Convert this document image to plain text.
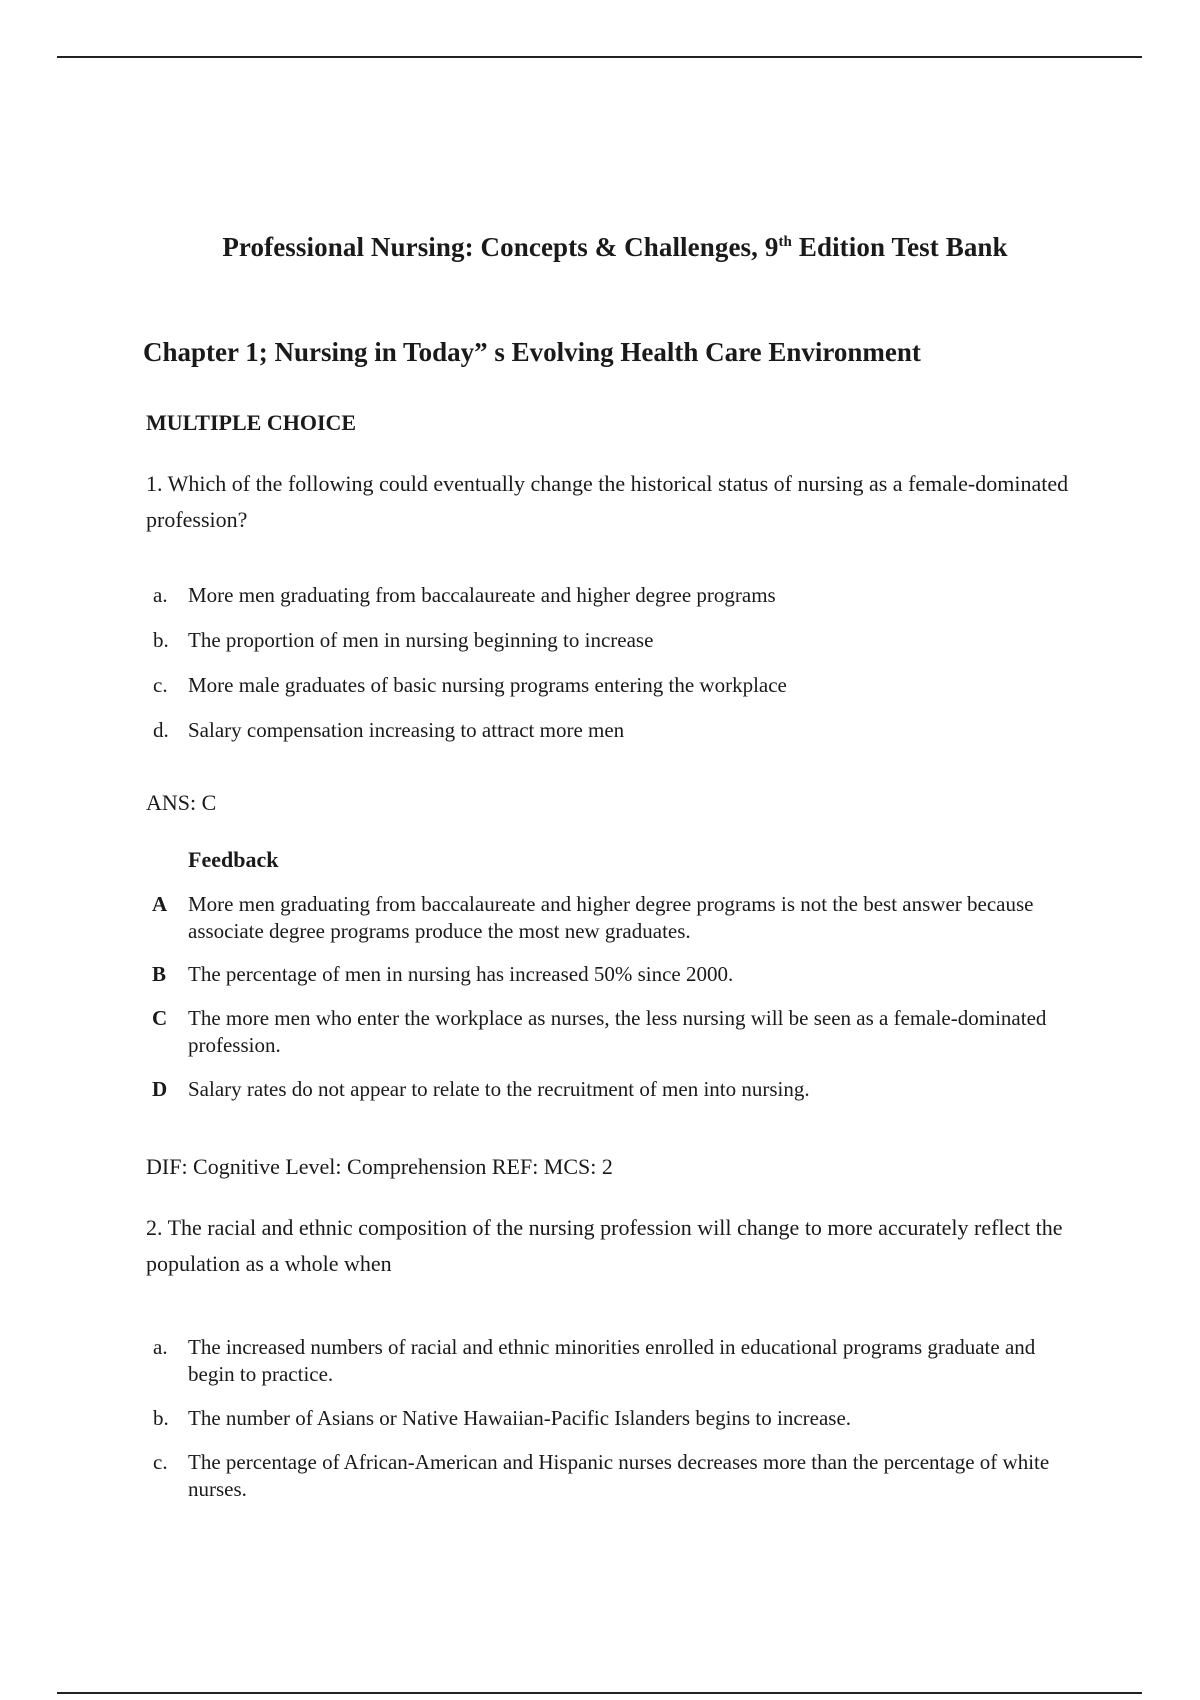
Professional Nursing: Concepts & Challenges, 9th Edition Test Bank
Chapter 1; Nursing in Today” s Evolving Health Care Environment
MULTIPLE CHOICE
1. Which of the following could eventually change the historical status of nursing as a female-dominated profession?
a. More men graduating from baccalaureate and higher degree programs
b. The proportion of men in nursing beginning to increase
c. More male graduates of basic nursing programs entering the workplace
d. Salary compensation increasing to attract more men
ANS: C
Feedback
A More men graduating from baccalaureate and higher degree programs is not the best answer because associate degree programs produce the most new graduates.
B	The percentage of men in nursing has increased 50% since 2000.
C The more men who enter the workplace as nurses, the less nursing will be seen as a female-dominated profession.
D Salary rates do not appear to relate to the recruitment of men into nursing.
DIF: Cognitive Level: Comprehension REF: MCS: 2
2. The racial and ethnic composition of the nursing profession will change to more accurately reflect the population as a whole when
a. The increased numbers of racial and ethnic minorities enrolled in educational programs graduate and begin to practice.
b. The number of Asians or Native Hawaiian-Pacific Islanders begins to increase.
c. The percentage of African-American and Hispanic nurses decreases more than the percentage of white nurses.
